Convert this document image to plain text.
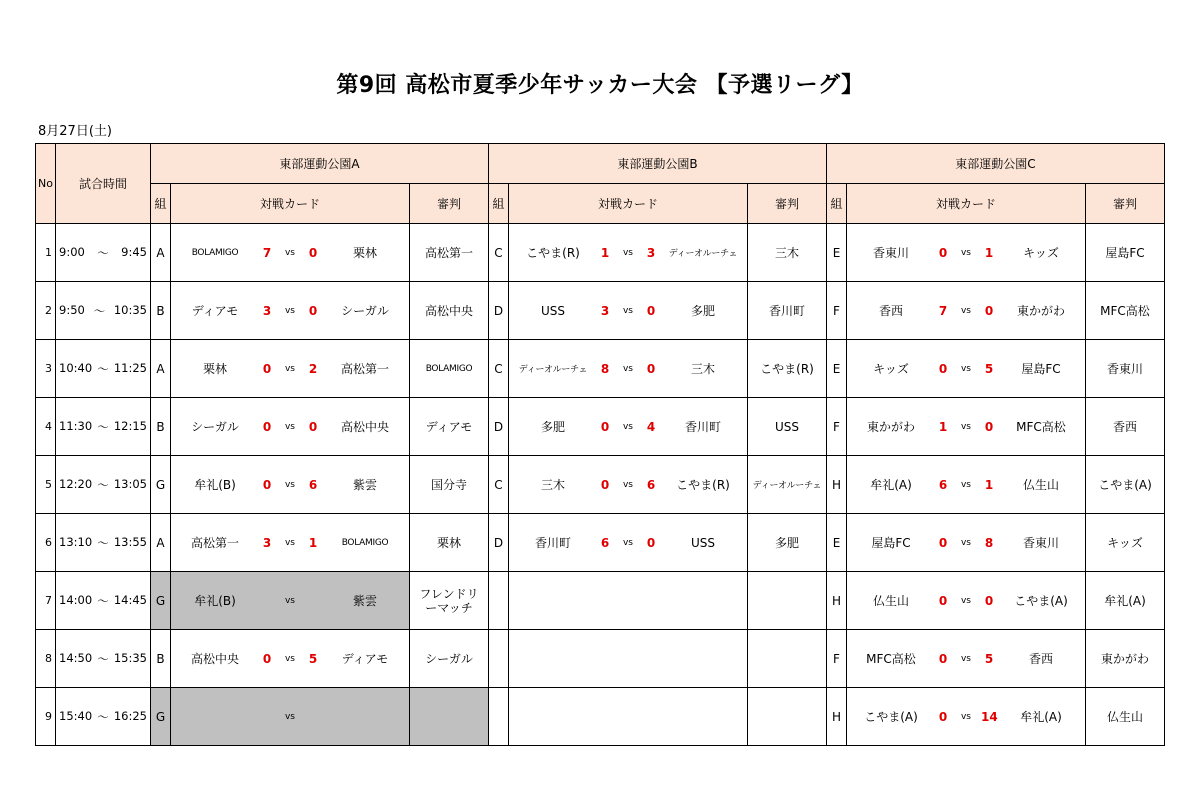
第9回 高松市夏季少年サッカー大会 【予選リーグ】
8月27日(土)
No	試合時間	東部運動公園A			東部運動公園B			東部運動公園C		
		組	対戦カード	審判	組	対戦カード	審判	組	対戦カード	審判
1	9:00 〜 9:45	A	BOLAMIGO 7 vs 0 栗林	高松第一	C	こやま(R) 1 vs 3 ディーオルーチェ	三木	E	香東川 0 vs 1 キッズ	屋島FC
2	9:50 〜 10:35	B	ディアモ 3 vs 0 シーガル	高松中央	D	USS 3 vs 0 多肥	香川町	F	香西 7 vs 0 東かがわ	MFC高松
3	10:40 〜 11:25	A	栗林 0 vs 2 高松第一	BOLAMIGO	C	ディーオルーチェ 8 vs 0 三木	こやま(R)	E	キッズ 0 vs 5 屋島FC	香東川
4	11:30 〜 12:15	B	シーガル 0 vs 0 高松中央	ディアモ	D	多肥 0 vs 4 香川町	USS	F	東かがわ 1 vs 0 MFC高松	香西
5	12:20 〜 13:05	G	牟礼(B) 0 vs 6 紫雲	国分寺	C	三木 0 vs 6 こやま(R)	ディーオルーチェ	H	牟礼(A) 6 vs 1 仏生山	こやま(A)
6	13:10 〜 13:55	A	高松第一 3 vs 1 BOLAMIGO	栗林	D	香川町 6 vs 0 USS	多肥	E	屋島FC 0 vs 8 香東川	キッズ
7	14:00 〜 14:45	G	牟礼(B) vs 紫雲	フレンドリーマッチ				H	仏生山 0 vs 0 こやま(A)	牟礼(A)
8	14:50 〜 15:35	B	高松中央 0 vs 5 ディアモ	シーガル				F	MFC高松 0 vs 5 香西	東かがわ
9	15:40 〜 16:25	G	vs					H	こやま(A) 0 vs 14 牟礼(A)	仏生山
